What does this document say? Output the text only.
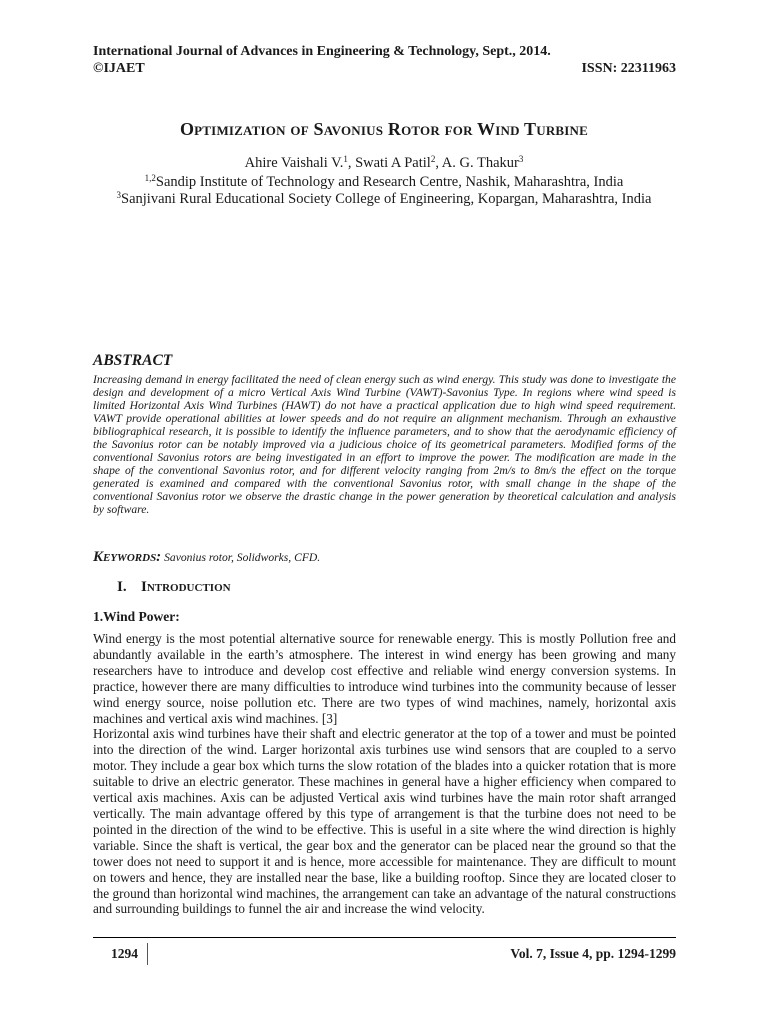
International Journal of Advances in Engineering & Technology, Sept., 2014.
©IJAET	ISSN: 22311963
Optimization of Savonius Rotor for Wind Turbine
Ahire Vaishali V.$^1$, Swati A Patil$^2$, A. G. Thakur$^3$
$^{1,2}$Sandip Institute of Technology and Research Centre, Nashik, Maharashtra, India
$^3$Sanjivani Rural Educational Society College of Engineering, Kopargan, Maharashtra, India
ABSTRACT
Increasing demand in energy facilitated the need of clean energy such as wind energy. This study was done to investigate the design and development of a micro Vertical Axis Wind Turbine (VAWT)-Savonius Type. In regions where wind speed is limited Horizontal Axis Wind Turbines (HAWT) do not have a practical application due to high wind speed requirement. VAWT provide operational abilities at lower speeds and do not require an alignment mechanism. Through an exhaustive bibliographical research, it is possible to identify the influence parameters, and to show that the aerodynamic efficiency of the Savonius rotor can be notably improved via a judicious choice of its geometrical parameters. Modified forms of the conventional Savonius rotors are being investigated in an effort to improve the power. The modification are made in the shape of the conventional Savonius rotor, and for different velocity ranging from 2m/s to 8m/s the effect on the torque generated is examined and compared with the conventional Savonius rotor, with small change in the shape of the conventional Savonius rotor we observe the drastic change in the power generation by theoretical calculation and analysis by software.
Keywords: Savonius rotor, Solidworks, CFD.
I. Introduction
1.Wind Power:

Wind energy is the most potential alternative source for renewable energy. This is mostly Pollution free and abundantly available in the earth’s atmosphere. The interest in wind energy has been growing and many researchers have to introduce and develop cost effective and reliable wind energy conversion systems. In practice, however there are many difficulties to introduce wind turbines into the community because of lesser wind energy source, noise pollution etc. There are two types of wind machines, namely, horizontal axis machines and vertical axis wind machines. [3]

Horizontal axis wind turbines have their shaft and electric generator at the top of a tower and must be pointed into the direction of the wind. Larger horizontal axis turbines use wind sensors that are coupled to a servo motor. They include a gear box which turns the slow rotation of the blades into a quicker rotation that is more suitable to drive an electric generator. These machines in general have a higher efficiency when compared to vertical axis machines. Axis can be adjusted Vertical axis wind turbines have the main rotor shaft arranged vertically. The main advantage offered by this type of arrangement is that the turbine does not need to be pointed in the direction of the wind to be effective. This is useful in a site where the wind direction is highly variable. Since the shaft is vertical, the gear box and the generator can be placed near the ground so that the tower does not need to support it and is hence, more accessible for maintenance. They are difficult to mount on towers and hence, they are installed near the base, like a building rooftop. Since they are located closer to the ground than horizontal wind machines, the arrangement can take an advantage of the natural constructions and surrounding buildings to funnel the air and increase the wind velocity.

1294	Vol. 7, Issue 4, pp. 1294-1299
